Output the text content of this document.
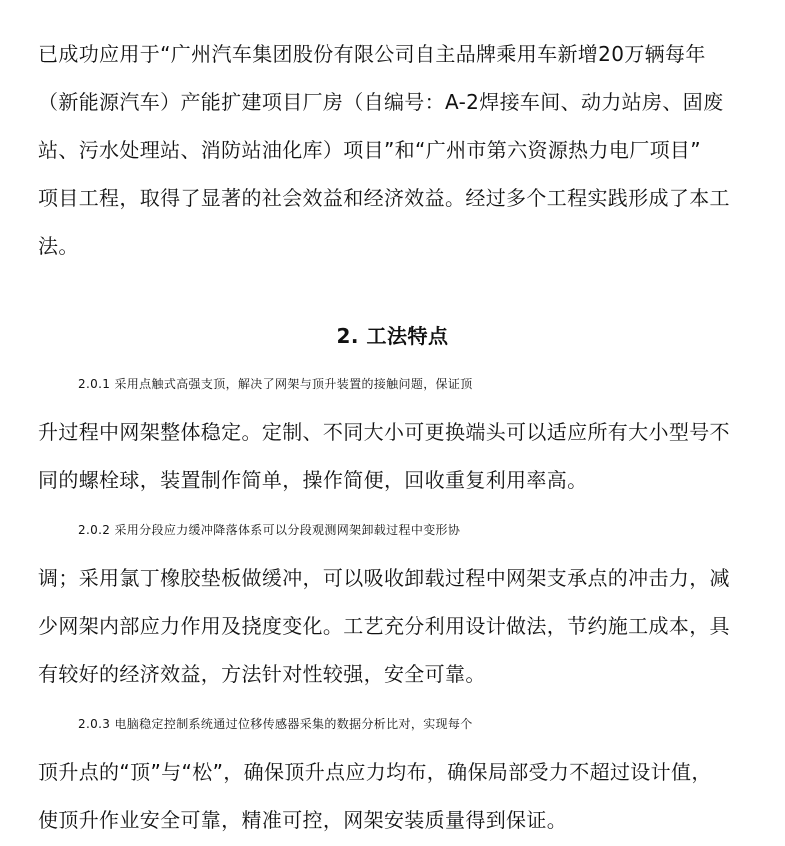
已成功应用于“广州汽车集团股份有限公司自主品牌乘用车新增20万辆每年
（新能源汽车）产能扩建项目厂房（自编号：A-2焊接车间、动力站房、固废
站、污水处理站、消防站油化库）项目”和“广州市第六资源热力电厂项目”
项目工程，取得了显著的社会效益和经济效益。经过多个工程实践形成了本工
法。

2. 工法特点

2.0.1 采用点触式高强支顶，解决了网架与顶升装置的接触问题，保证顶
升过程中网架整体稳定。定制、不同大小可更换端头可以适应所有大小型号不
同的螺栓球，装置制作简单，操作简便，回收重复利用率高。

2.0.2 采用分段应力缓冲降落体系可以分段观测网架卸载过程中变形协
调；采用氯丁橡胶垫板做缓冲，可以吸收卸载过程中网架支承点的冲击力，减
少网架内部应力作用及挠度变化。工艺充分利用设计做法，节约施工成本，具
有较好的经济效益，方法针对性较强，安全可靠。

2.0.3 电脑稳定控制系统通过位移传感器采集的数据分析比对，实现每个
顶升点的“顶”与“松”，确保顶升点应力均布，确保局部受力不超过设计值，
使顶升作业安全可靠，精准可控，网架安装质量得到保证。
